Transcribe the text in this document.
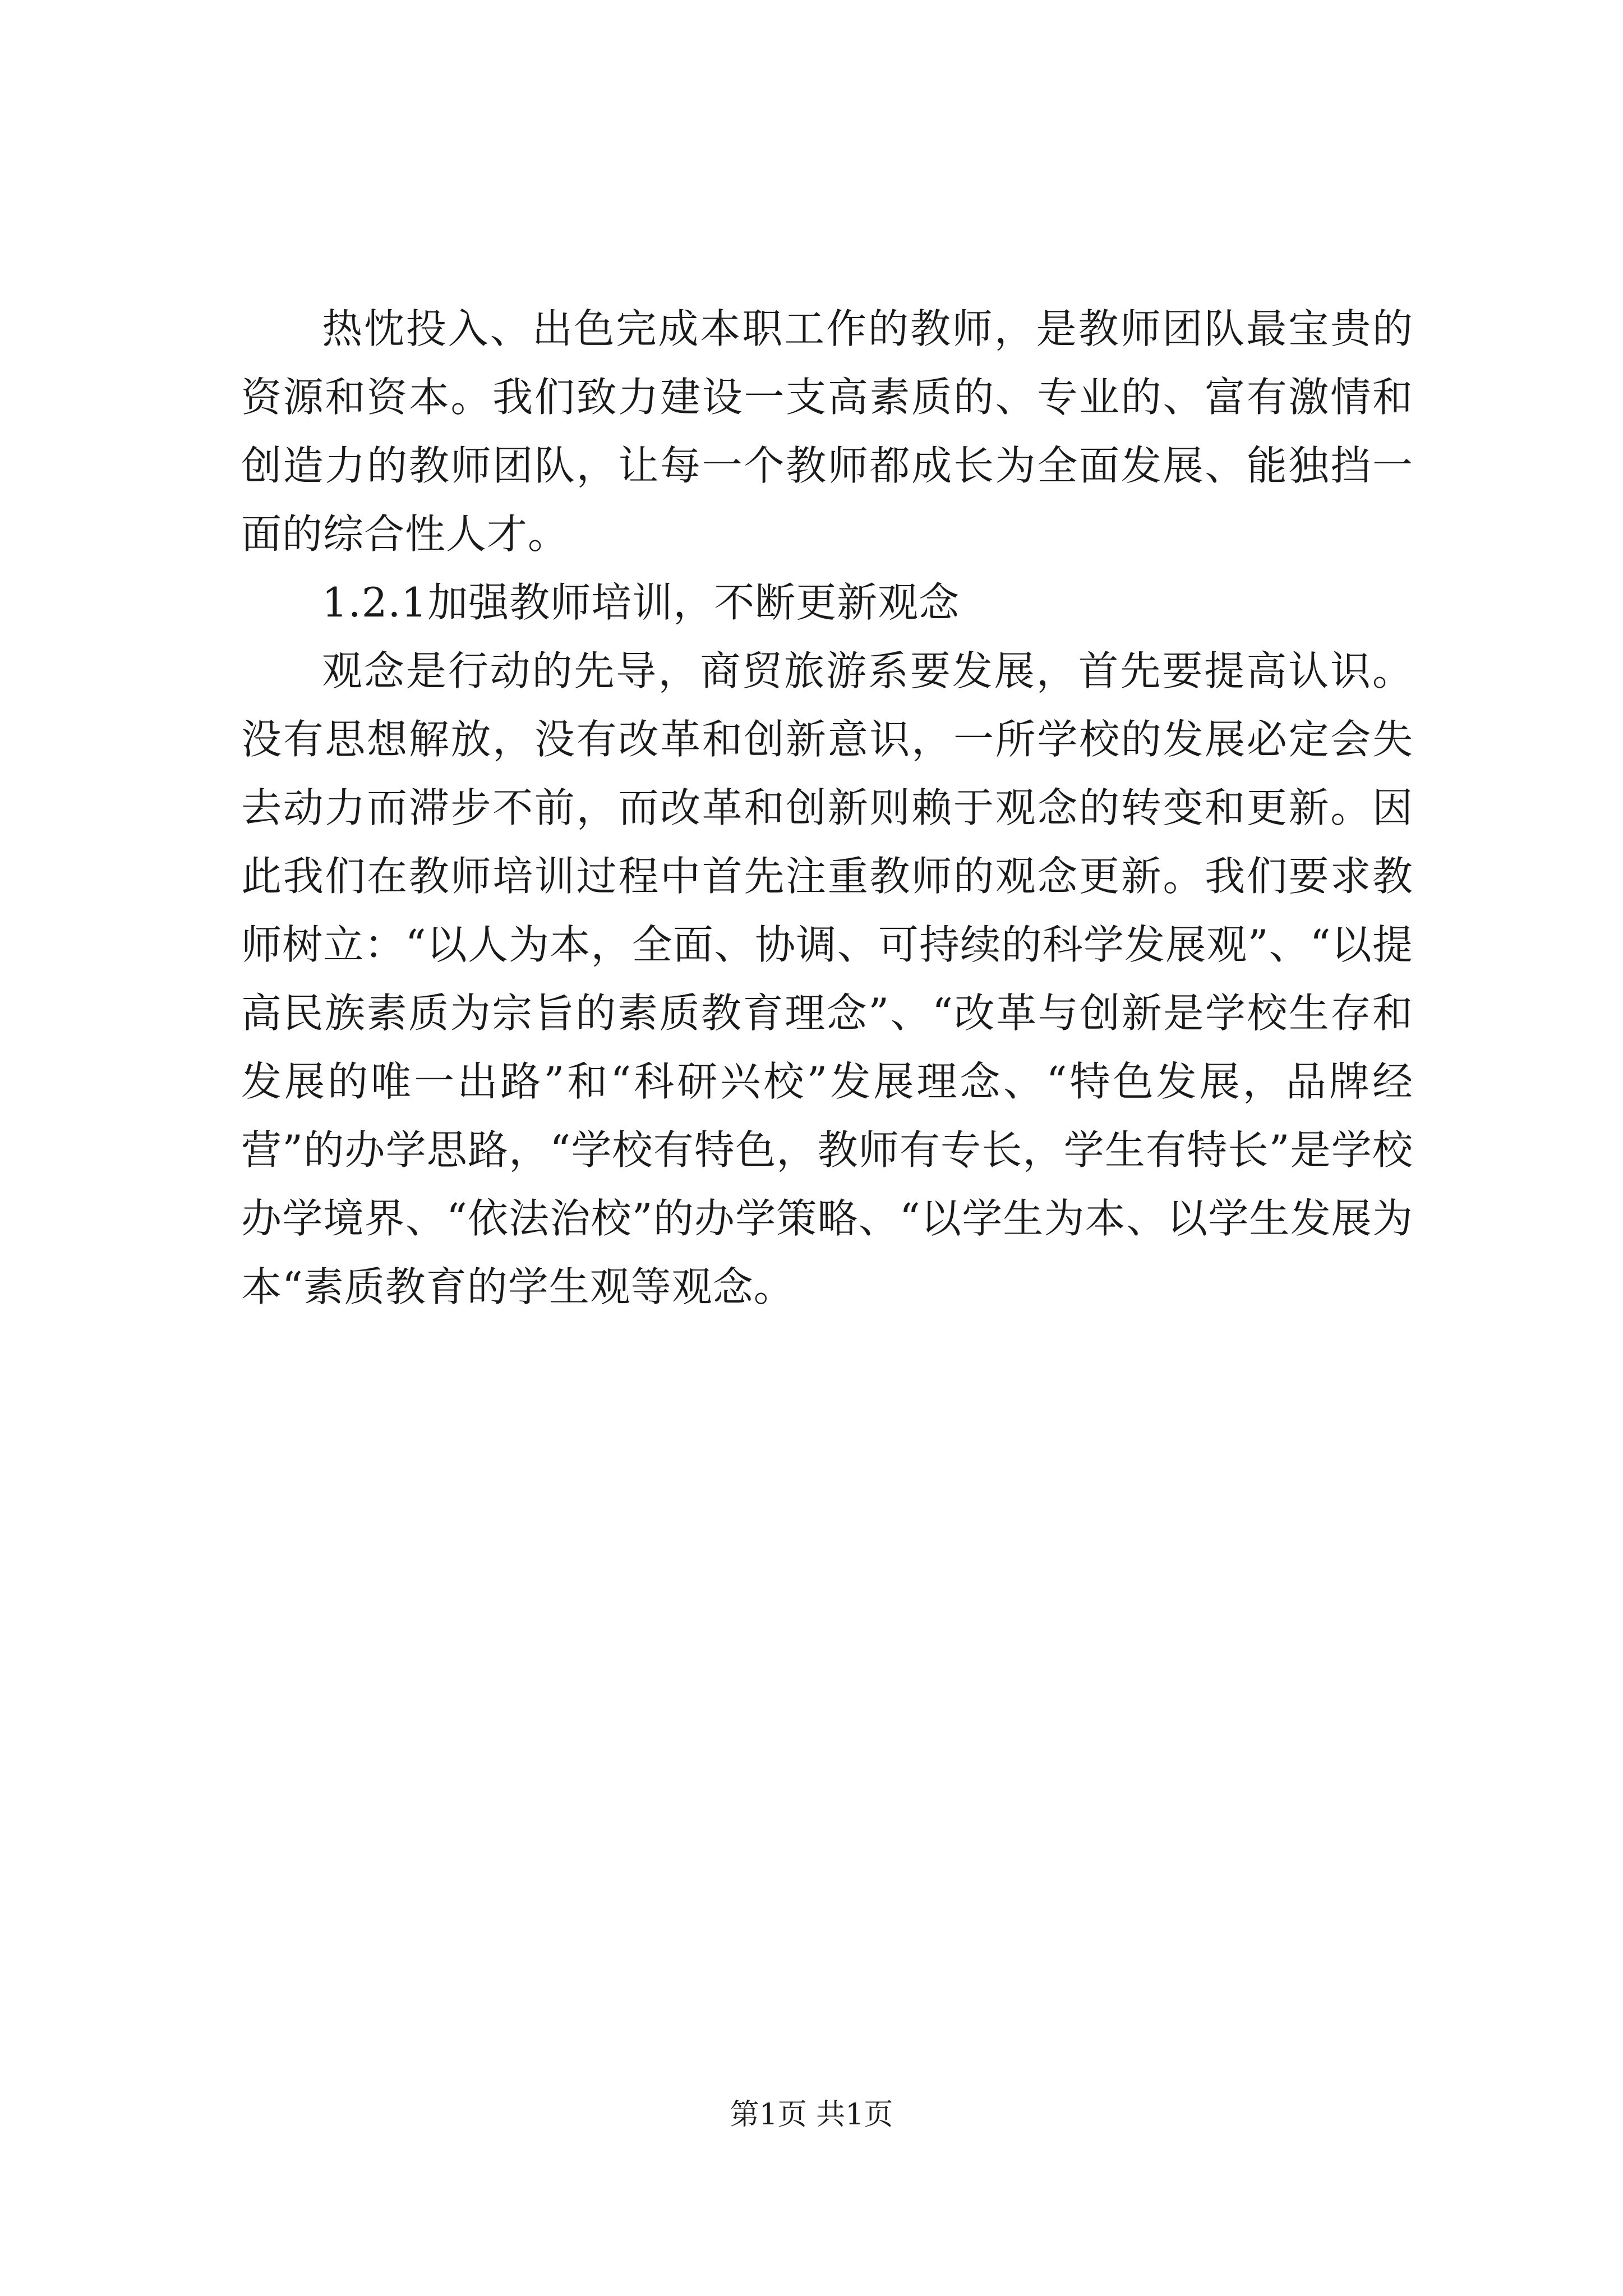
热忱投入、出色完成本职工作的教师，是教师团队最宝贵的资源和资本。我们致力建设一支高素质的、专业的、富有激情和创造力的教师团队，让每一个教师都成长为全面发展、能独挡一面的综合性人才。

1.2.1加强教师培训，不断更新观念

观念是行动的先导，商贸旅游系要发展，首先要提高认识。没有思想解放，没有改革和创新意识，一所学校的发展必定会失去动力而滞步不前，而改革和创新则赖于观念的转变和更新。因此我们在教师培训过程中首先注重教师的观念更新。我们要求教师树立：“以人为本，全面、协调、可持续的科学发展观”、“以提高民族素质为宗旨的素质教育理念”、“改革与创新是学校生存和发展的唯一出路”和“科研兴校”发展理念、“特色发展，品牌经营”的办学思路，“学校有特色，教师有专长，学生有特长”是学校办学境界、“依法治校”的办学策略、“以学生为本、以学生发展为本“素质教育的学生观等观念。

第1页 共1页
